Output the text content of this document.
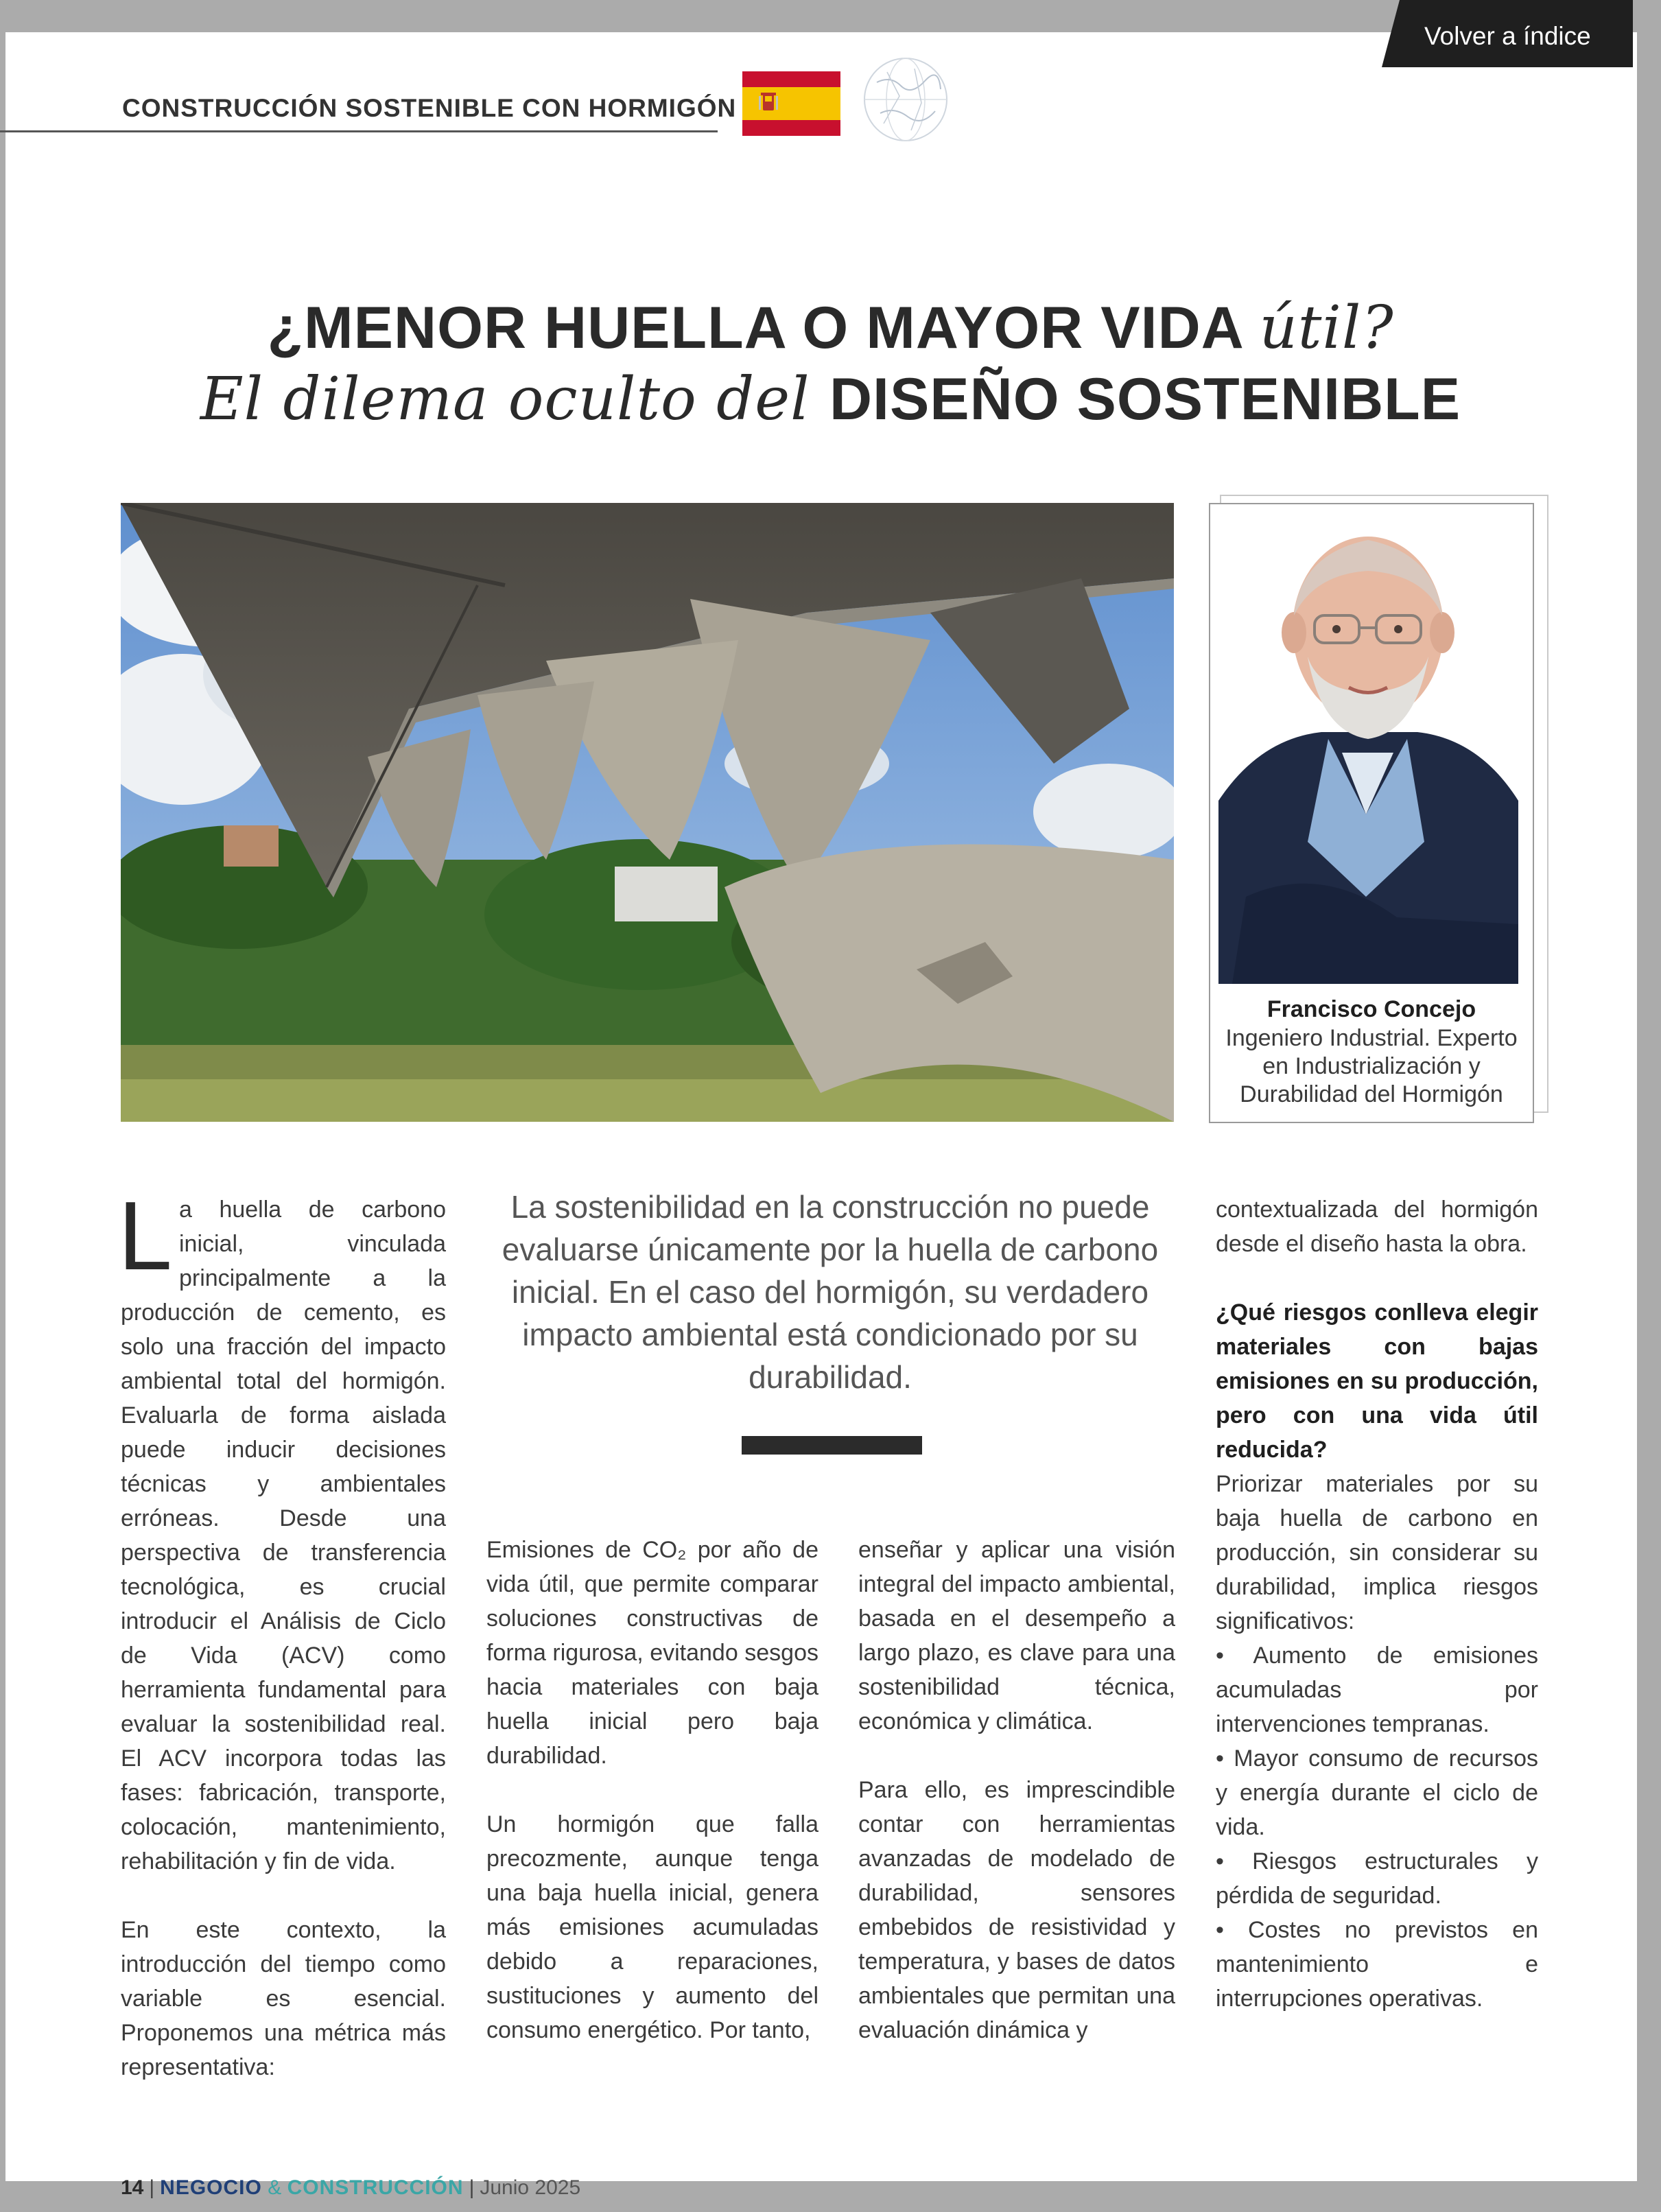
Volver a índice
CONSTRUCCIÓN SOSTENIBLE CON HORMIGÓN
¿MENOR HUELLA O MAYOR VIDA útil?
El dilema oculto del DISEÑO SOSTENIBLE
Francisco Concejo
Ingeniero Industrial. Experto
en Industrialización y
Durabilidad del Hormigón

La huella de carbono inicial, vinculada principalmente a la producción de cemento, es solo una fracción del impacto ambiental total del hormigón. Evaluarla de forma aislada puede inducir decisiones técnicas y ambientales erróneas. Desde una perspectiva de transferencia tecnológica, es crucial introducir el Análisis de Ciclo de Vida (ACV) como herramienta fundamental para evaluar la sostenibilidad real. El ACV incorpora todas las fases: fabricación, transporte, colocación, mantenimiento, rehabilitación y fin de vida.

En este contexto, la introducción del tiempo como variable es esencial. Proponemos una métrica más representativa:

La sostenibilidad en la construcción no puede evaluarse únicamente por la huella de carbono inicial. En el caso del hormigón, su verdadero impacto ambiental está condicionado por su durabilidad.

Emisiones de CO₂ por año de vida útil, que permite comparar soluciones constructivas de forma rigurosa, evitando sesgos hacia materiales con baja huella inicial pero baja durabilidad.

Un hormigón que falla precozmente, aunque tenga una baja huella inicial, genera más emisiones acumuladas debido a reparaciones, sustituciones y aumento del consumo energético. Por tanto,

enseñar y aplicar una visión integral del impacto ambiental, basada en el desempeño a largo plazo, es clave para una sostenibilidad técnica, económica y climática.

Para ello, es imprescindible contar con herramientas avanzadas de modelado de durabilidad, sensores embebidos de resistividad y temperatura, y bases de datos ambientales que permitan una evaluación dinámica y

contextualizada del hormigón desde el diseño hasta la obra.

¿Qué riesgos conlleva elegir materiales con bajas emisiones en su producción, pero con una vida útil reducida?

Priorizar materiales por su baja huella de carbono en producción, sin considerar su durabilidad, implica riesgos significativos:

• Aumento de emisiones acumuladas por intervenciones tempranas.

• Mayor consumo de recursos y energía durante el ciclo de vida.

• Riesgos estructurales y pérdida de seguridad.

• Costes no previstos en mantenimiento e interrupciones operativas.

14 | NEGOCIO & CONSTRUCCIÓN | Junio 2025
